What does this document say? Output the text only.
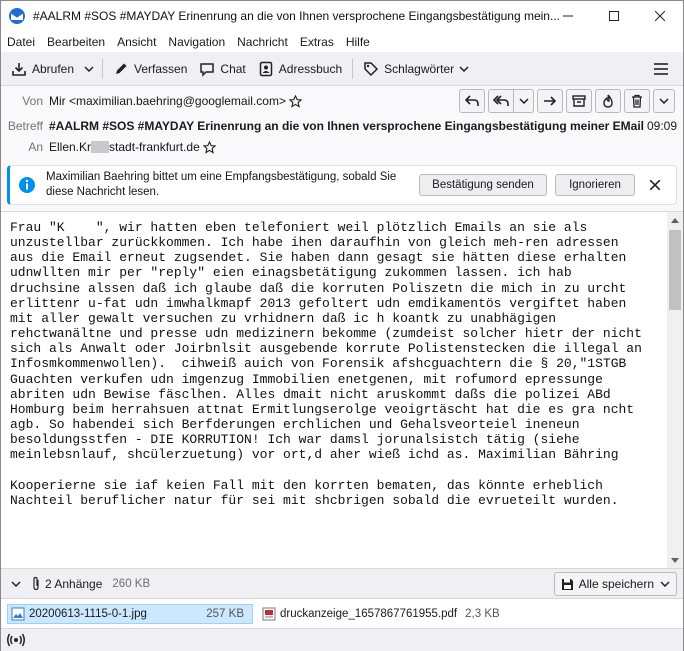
#AALRM #SOS #MAYDAY Erinenrung an die von Ihnen versprochene Eingangsbestätigung mein...
Datei Bearbeiten Ansicht Navigation Nachricht Extras Hilfe
Abrufen	Verfassen	Chat	Adressbuch	Schlagwörter
Von Mir <maximilian.baehring@googlemail.com>
Betreff #AALRM #SOS #MAYDAY Erinenrung an die von Ihnen versprochene Eingangsbestätigung meiner EMail 09:09
An Ellen.Kr stadt-frankfurt.de
Maximilian Baehring bittet um eine Empfangsbestätigung, sobald Sie diese Nachricht lesen.
Bestätigung senden	Ignorieren
Frau "K    ", wir hatten eben telefoniert weil plötzlich Emails an sie als
unzustellbar zurückkommen. Ich habe ihen daraufhin von gleich meh-ren adressen
aus die Email erneut zugsendet. Sie haben dann gesagt sie hätten diese erhalten
udnwllten mir per "reply" eien einagsbetätigung zukommen lassen. ich hab
druchsine alssen daß ich glaube daß die korruten Poliszetn die mich in zu urcht
erlittenr u-fat udn imwhalkmapf 2013 gefoltert udn emdikamentös vergiftet haben
mit aller gewalt versuchen zu vrhidnern daß ic h koantk zu unabhägigen
rehctwanältne und presse udn medizinern bekomme (zumdeist solcher hietr der nicht
sich als Anwalt oder Joirbnlsit ausgebende korrute Polistenstecken die illegal an
Infosmkommenwollen).  cihweiß auich von Forensik afshcguachtern die § 20,"1STGB
Guachten verkufen udn imgenzug Immobilien enetgenen, mit rofumord epressunge
abriten udn Bewise fäsclhen. Alles dmait nicht aruskommt daßs die polizei ABd
Homburg beim herrahsuen attnat Ermitlungserolge veoigrtäscht hat die es gra ncht
agb. So habendei sich Berfderungen erchlichen und Gehalsveorteiel ineneun
besoldungsstfen - DIE KORRUTION! Ich war damsl jorunalsistch tätig (siehe
meinlebsnlauf, shcülerzuetung) vor ort,d aher wieß ichd as. Maximilian Bähring

Kooperierne sie iaf keien Fall mit den korrten bematen, das könnte erheblich
Nachteil beruflicher natur für sei mit shcbrigen sobald die evrueteilt wurden.
2 Anhänge 260 KB	Alle speichern
20200613-1115-0-1.jpg	257 KB	druckanzeige_1657867761955.pdf 2,3 KB
